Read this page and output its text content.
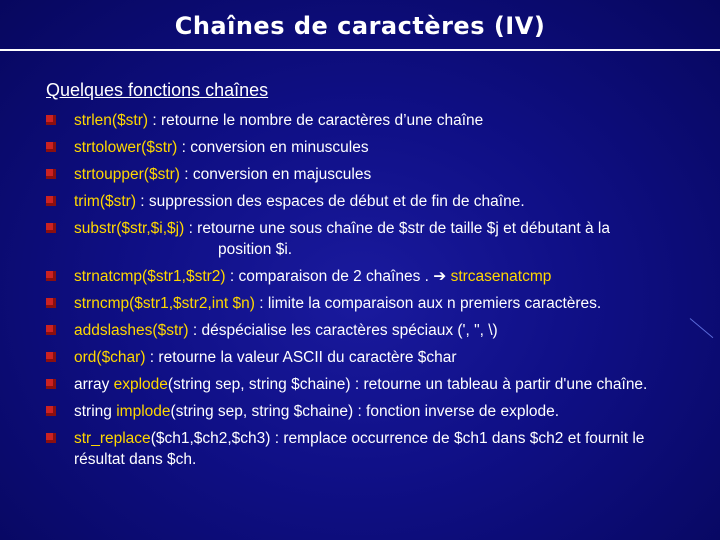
Chaînes de caractères (IV)
Quelques fonctions chaînes
strlen($str) : retourne le nombre de caractères d’une chaîne
strtolower($str) : conversion en minuscules
strtoupper($str) : conversion en majuscules
trim($str) : suppression des espaces de début et de fin de chaîne.
substr($str,$i,$j) : retourne une sous chaîne de $str de taille $j et débutant à la
position $i.
strnatcmp($str1,$str2) : comparaison de 2 chaînes . ➔ strcasenatcmp
strncmp($str1,$str2,int $n) : limite la comparaison aux n premiers caractères.
addslashes($str) : déspécialise les caractères spéciaux (', ", \)
ord($char) : retourne la valeur ASCII du caractère $char
array explode(string sep, string $chaine) : retourne un tableau à partir d'une chaîne.
string implode(string sep, string $chaine) : fonction inverse de explode.
str_replace($ch1,$ch2,$ch3) : remplace occurrence de $ch1 dans $ch2 et fournit le résultat dans $ch.
